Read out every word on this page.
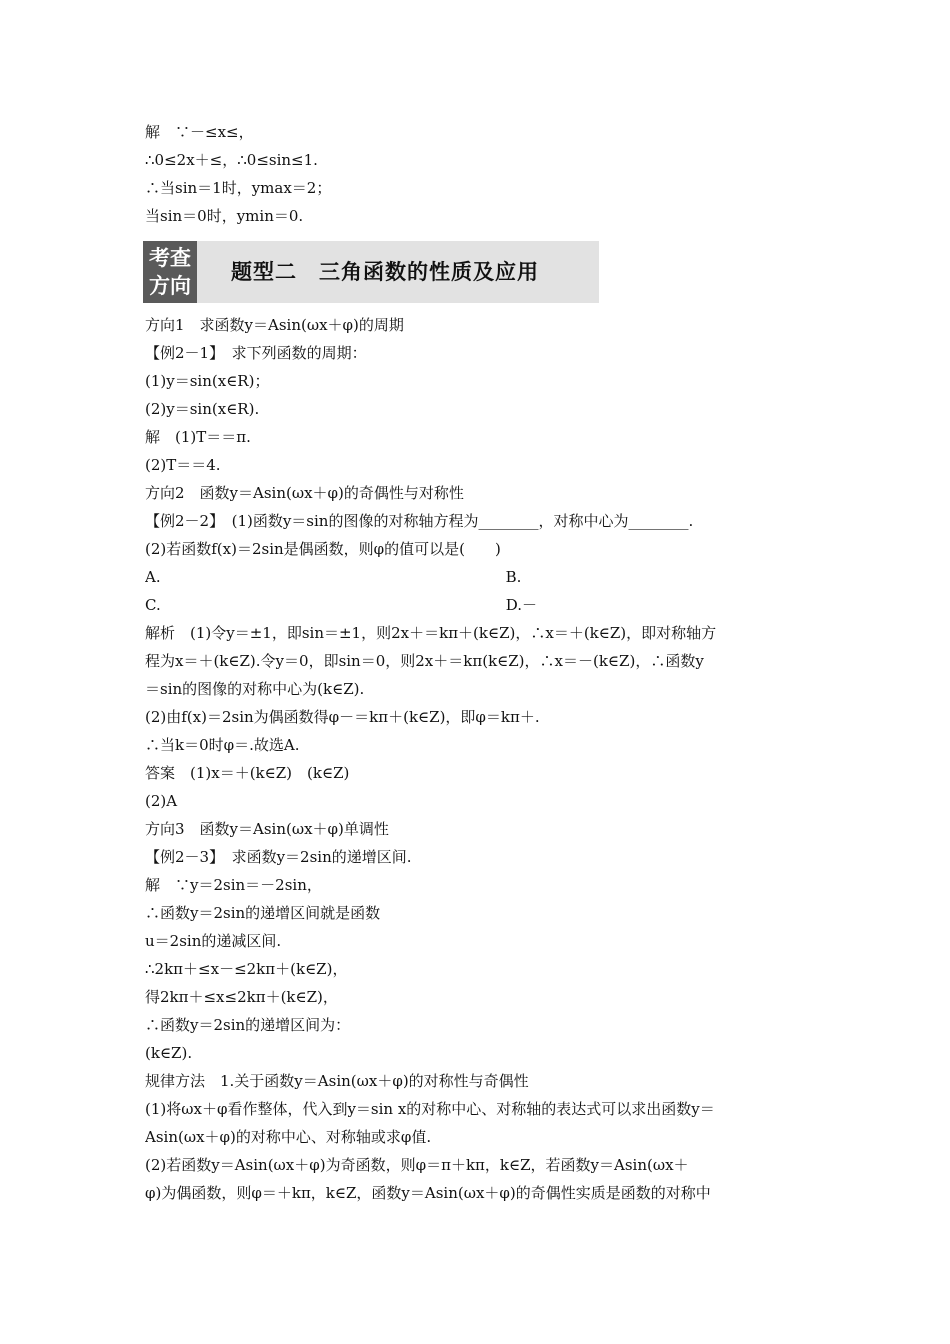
解　∵－≤x≤，
∴0≤2x＋≤，∴0≤sin≤1.
∴当sin＝1时，ymax＝2；
当sin＝0时，ymin＝0.
考查
方向
题型二　三角函数的性质及应用
方向1　求函数y＝Asin(ωx＋φ)的周期
【例2－1】　求下列函数的周期：
(1)y＝sin(x∈R)；
(2)y＝sin(x∈R).
解　(1)T＝＝π.
(2)T＝＝4.
方向2　函数y＝Asin(ωx＋φ)的奇偶性与对称性
【例2－2】　(1)函数y＝sin的图像的对称轴方程为________，对称中心为________.
(2)若函数f(x)＝2sin是偶函数，则φ的值可以是(　　)
A.　　　　　　　　　　　　　　　　　　　　　　　B.
C.　　　　　　　　　　　　　　　　　　　　　　　D.－
解析　(1)令y＝±1，即sin＝±1，则2x＋＝kπ＋(k∈Z)，∴x＝＋(k∈Z)，即对称轴方
程为x＝＋(k∈Z).令y＝0，即sin＝0，则2x＋＝kπ(k∈Z)，∴x＝－(k∈Z)，∴函数y
＝sin的图像的对称中心为(k∈Z).
(2)由f(x)＝2sin为偶函数得φ－＝kπ＋(k∈Z)，即φ＝kπ＋.
∴当k＝0时φ＝.故选A.
答案　(1)x＝＋(k∈Z)　(k∈Z)
(2)A
方向3　函数y＝Asin(ωx＋φ)单调性
【例2－3】　求函数y＝2sin的递增区间.
解　∵y＝2sin＝－2sin，
∴函数y＝2sin的递增区间就是函数
u＝2sin的递减区间.
∴2kπ＋≤x－≤2kπ＋(k∈Z)，
得2kπ＋≤x≤2kπ＋(k∈Z)，
∴函数y＝2sin的递增区间为：
(k∈Z).
规律方法　1.关于函数y＝Asin(ωx＋φ)的对称性与奇偶性
(1)将ωx＋φ看作整体，代入到y＝sin x的对称中心、对称轴的表达式可以求出函数y＝
Asin(ωx＋φ)的对称中心、对称轴或求φ值.
(2)若函数y＝Asin(ωx＋φ)为奇函数，则φ＝π＋kπ，k∈Z，若函数y＝Asin(ωx＋
φ)为偶函数，则φ＝＋kπ，k∈Z，函数y＝Asin(ωx＋φ)的奇偶性实质是函数的对称中
